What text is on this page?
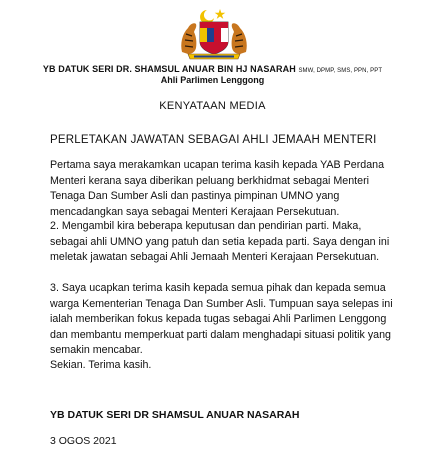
YB DATUK SERI DR. SHAMSUL ANUAR BIN HJ NASARAH SMW, DPMP, SMS, PPN, PPT
Ahli Parlimen Lenggong
KENYATAAN MEDIA
PERLETAKAN JAWATAN SEBAGAI AHLI JEMAAH MENTERI

Pertama saya merakamkan ucapan terima kasih kepada YAB Perdana
Menteri kerana saya diberikan peluang berkhidmat sebagai Menteri
Tenaga Dan Sumber Asli dan pastinya pimpinan UMNO yang
mencadangkan saya sebagai Menteri Kerajaan Persekutuan.

2. Mengambil kira beberapa keputusan dan pendirian parti. Maka,
sebagai ahli UMNO yang patuh dan setia kepada parti. Saya dengan ini
meletak jawatan sebagai Ahli Jemaah Menteri Kerajaan Persekutuan.

3. Saya ucapkan terima kasih kepada semua pihak dan kepada semua
warga Kementerian Tenaga Dan Sumber Asli. Tumpuan saya selepas ini
ialah memberikan fokus kepada tugas sebagai Ahli Parlimen Lenggong
dan membantu memperkuat parti dalam menghadapi situasi politik yang
semakin mencabar.

Sekian. Terima kasih.

YB DATUK SERI DR SHAMSUL ANUAR NASARAH
3 OGOS 2021
